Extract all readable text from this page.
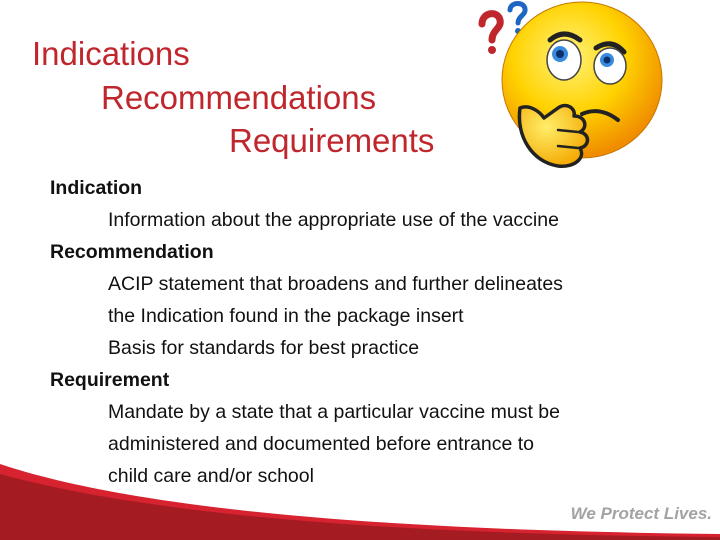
Indications
Recommendations
Requirements

Indication

Information about the appropriate use of the vaccine

Recommendation

ACIP statement that broadens and further delineates
the Indication found in the package insert

Basis for standards for best practice

Requirement

Mandate by a state that a particular vaccine must be
administered and documented before entrance to
child care and/or school

We Protect Lives.
